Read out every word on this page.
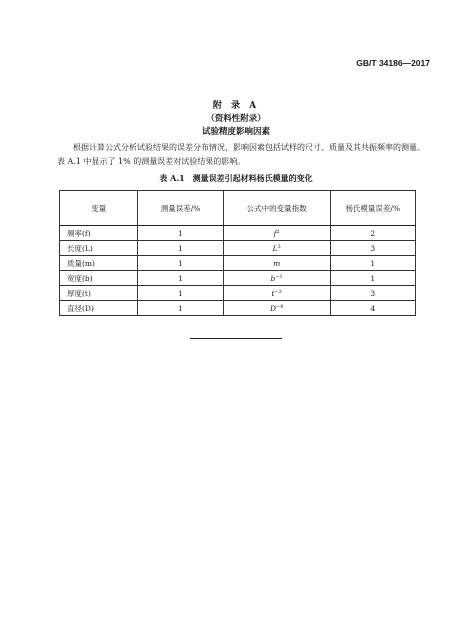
GB/T 34186—2017
附 录 A
（资料性附录）
试验精度影响因素

根据计算公式分析试验结果的误差分布情况，影响因素包括试样的尺寸、质量及其共振频率的测量。表 A.1 中显示了 1% 的测量误差对试验结果的影响。

表 A.1　测量误差引起材料杨氏模量的变化
变量	测量误差/%	公式中的变量指数	杨氏模量误差/%
频率(f)	1	$f^2$	2
长度(L)	1	$L^3$	3
质量(m)	1	m	1
宽度(b)	1	$b^{-1}$	1
厚度(t)	1	$t^{-3}$	3
直径(D)	1	$D^{-4}$	4
